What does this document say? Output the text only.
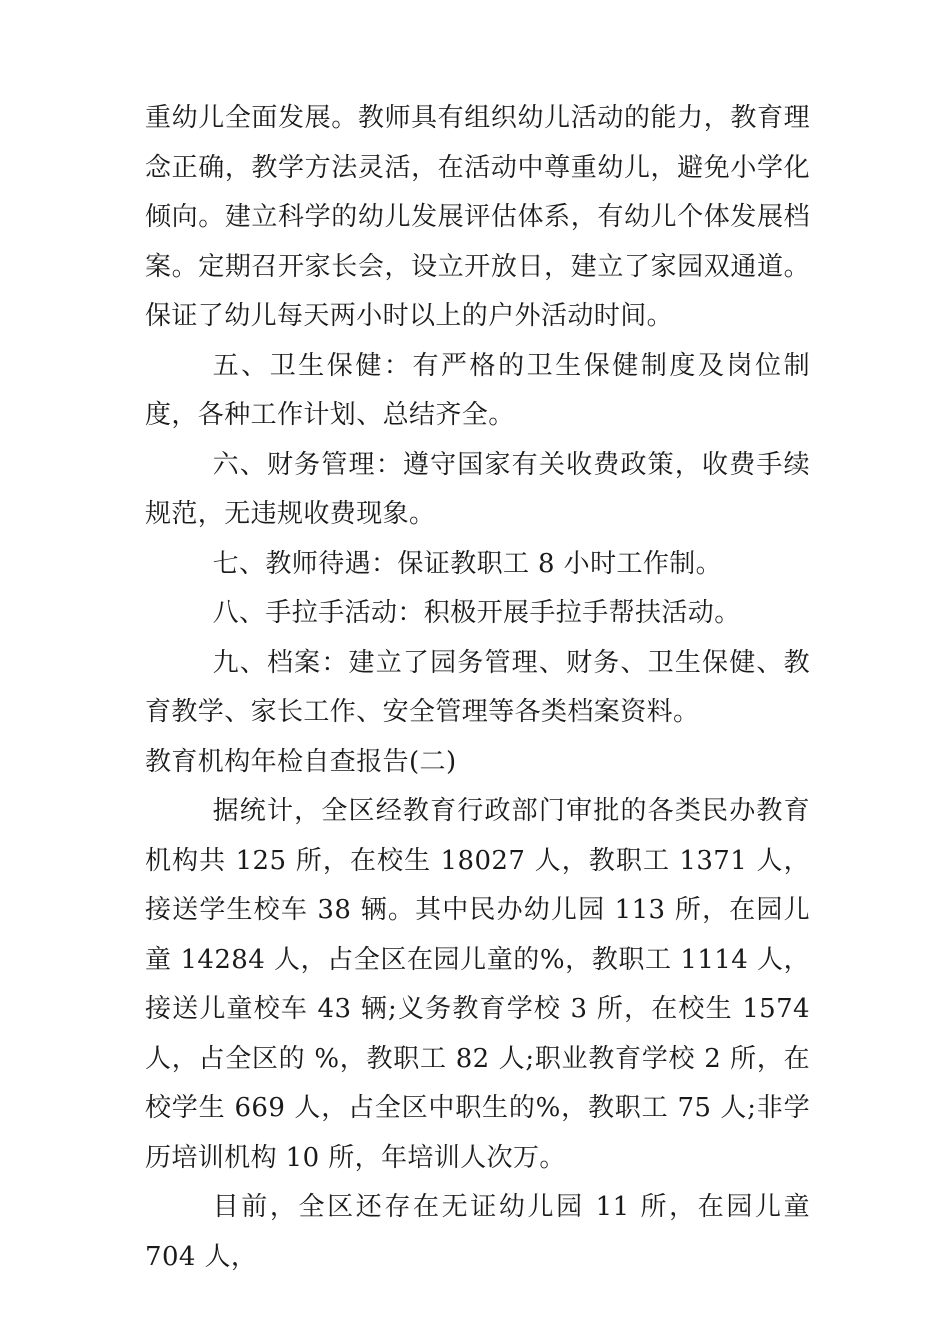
重幼儿全面发展。教师具有组织幼儿活动的能力，教育理念正确，教学方法灵活，在活动中尊重幼儿，避免小学化倾向。建立科学的幼儿发展评估体系，有幼儿个体发展档案。定期召开家长会，设立开放日，建立了家园双通道。保证了幼儿每天两小时以上的户外活动时间。

五、卫生保健：有严格的卫生保健制度及岗位制度，各种工作计划、总结齐全。

六、财务管理：遵守国家有关收费政策，收费手续规范，无违规收费现象。

七、教师待遇：保证教职工 8 小时工作制。

八、手拉手活动：积极开展手拉手帮扶活动。

九、档案：建立了园务管理、财务、卫生保健、教育教学、家长工作、安全管理等各类档案资料。

教育机构年检自查报告(二)

据统计，全区经教育行政部门审批的各类民办教育机构共 125 所，在校生 18027 人，教职工 1371 人，接送学生校车 38 辆。其中民办幼儿园 113 所，在园儿童 14284 人，占全区在园儿童的%，教职工 1114 人，接送儿童校车 43 辆;义务教育学校 3 所，在校生 1574 人，占全区的 %，教职工 82 人;职业教育学校 2 所，在校学生 669 人，占全区中职生的%，教职工 75 人;非学历培训机构 10 所，年培训人次万。

目前，全区还存在无证幼儿园 11 所，在园儿童 704 人，
